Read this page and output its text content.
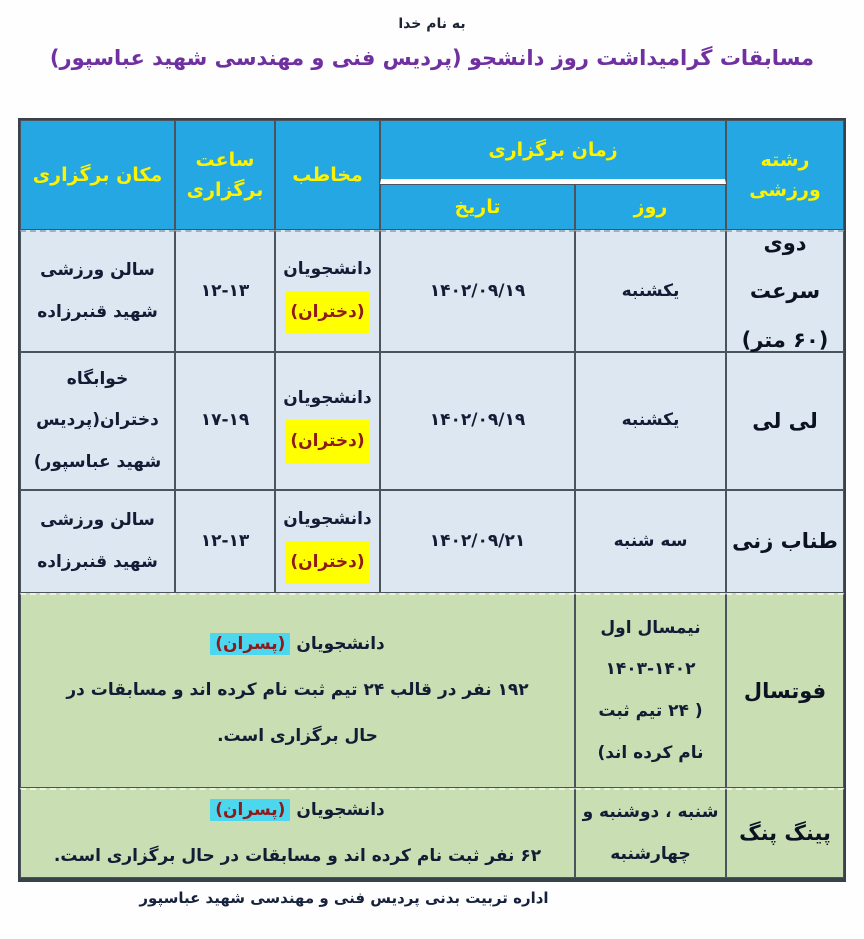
به نام خدا
مسابقات گرامیداشت روز دانشجو (پردیس فنی و مهندسی شهید عباسپور)
رشته ورزشی
زمان برگزاری
تاریخ	روز
مخاطب
ساعت
برگزاری
مکان برگزاری
دوی سرعت
(۶۰ متر)
یکشنبه
۱۴۰۲/۰۹/۱۹
دانشجویان
(دختران)
۱۲-۱۳
سالن ورزشی
شهید قنبرزاده
لی لی
یکشنبه
۱۴۰۲/۰۹/۱۹
دانشجویان
(دختران)
۱۷-۱۹
خوابگاه
دختران(پردیس
شهید عباسپور)
طناب زنی
سه شنبه
۱۴۰۲/۰۹/۲۱
دانشجویان
(دختران)
۱۲-۱۳
سالن ورزشی
شهید قنبرزاده
فوتسال
نیمسال اول
۱۴۰۳-۱۴۰۲
( ۲۴ تیم ثبت
نام کرده اند)
دانشجویان (پسران)
۱۹۲ نفر در قالب ۲۴ تیم ثبت نام کرده اند و مسابقات در حال برگزاری است.
پینگ پنگ
شنبه ، دوشنبه و
چهارشنبه
دانشجویان (پسران)
۶۲ نفر ثبت نام کرده اند و مسابقات در حال برگزاری است.
اداره تربیت بدنی پردیس فنی و مهندسی شهید عباسپور
